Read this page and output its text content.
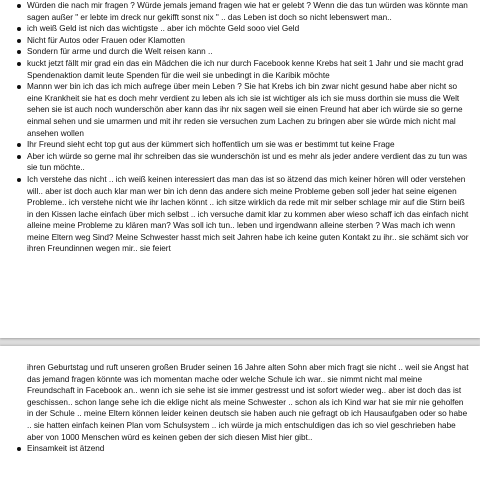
Würden die nach mir fragen ? Würde jemals jemand fragen wie hat er gelebt ? Wenn die das tun würden was könnte man sagen außer " er lebte im dreck nur gekifft sonst nix " .. das Leben ist doch so nicht lebenswert man..
ich weiß Geld ist nich das wichtigste .. aber ich möchte Geld sooo viel Geld
Nicht für Autos oder Frauen oder Klamotten
Sondern für arme und durch die Welt reisen kann ..
kuckt jetzt fällt mir grad ein das ein Mädchen die ich nur durch Facebook kenne Krebs hat seit 1 Jahr und sie macht grad Spendenaktion damit leute Spenden für die weil sie unbedingt in die Karibik möchte
Mannn wer bin ich das ich mich aufrege über mein Leben ? Sie hat Krebs ich bin zwar nicht gesund habe aber nicht so eine Krankheit sie hat es doch mehr verdient zu leben als ich sie ist wichtiger als ich sie muss dorthin sie muss die Welt sehen sie ist auch noch wunderschön aber kann das ihr nix sagen weil sie einen Freund hat aber ich würde sie so gerne einmal sehen und sie umarmen und mit ihr reden sie versuchen zum Lachen zu bringen aber sie würde mich nicht mal ansehen wollen
Ihr Freund sieht echt top gut aus der kümmert sich hoffentlich um sie was er bestimmt tut keine Frage
Aber ich würde so gerne mal ihr schreiben das sie wunderschön ist und es mehr als jeder andere verdient das zu tun was sie tun möchte..
Ich verstehe das nicht .. ich weiß keinen interessiert das man das ist so ätzend das mich keiner hören will oder verstehen will.. aber ist doch auch klar man wer bin ich denn das andere sich meine Probleme geben soll jeder hat seine eigenen Probleme.. ich verstehe nicht wie ihr lachen könnt .. ich sitze wirklich da rede mit mir selber schlage mir auf die Stirn beiß in den Kissen lache einfach über mich selbst .. ich versuche damit klar zu kommen aber wieso schaff ich das einfach nicht alleine meine Probleme zu klären man? Was soll ich tun.. leben und irgendwann alleine sterben ? Was mach ich wenn meine Eltern weg Sind? Meine Schwester hasst mich seit Jahren habe ich keine guten Kontakt zu ihr.. sie schämt sich vor ihren Freundinnen wegen mir.. sie feiert

ihren Geburtstag und ruft unseren großen Bruder seinen 16 Jahre alten Sohn aber mich fragt sie nicht .. weil sie Angst hat das jemand fragen könnte was ich momentan mache oder welche Schule ich war.. sie nimmt nicht mal meine Freundschaft in Facebook an.. wenn ich sie sehe ist sie immer gestresst und ist sofort wieder weg.. aber ist doch das ist geschissen.. schon lange sehe ich die eklige nicht als meine Schwester .. schon als ich Kind war hat sie mir nie geholfen in der Schule .. meine Eltern können leider keinen deutsch sie haben auch nie gefragt ob ich Hausaufgaben oder so habe .. sie hatten einfach keinen Plan vom Schulsystem .. ich würde ja mich entschuldigen das ich so viel geschrieben habe aber von 1000 Menschen würd es keinen geben der sich diesen Mist hier gibt..

Einsamkeit ist ätzend
